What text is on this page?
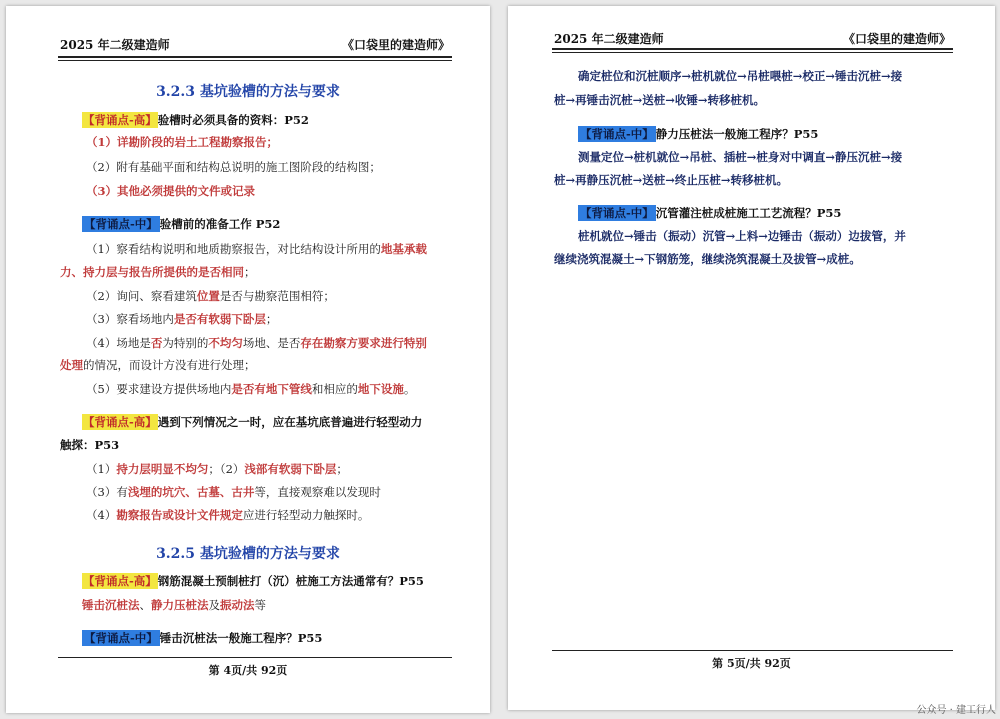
2025 年二级建造师	《口袋里的建造师》
3.2.3 基坑验槽的方法与要求
【背诵点-高】验槽时必须具备的资料：P52
（1）详勘阶段的岩土工程勘察报告；
（2）附有基础平面和结构总说明的施工图阶段的结构图；
（3）其他必须提供的文件或记录
【背诵点-中】 验槽前的准备工作 P52
（1）察看结构说明和地质勘察报告，对比结构设计所用的地基承载
力、持力层与报告所提供的是否相同；
（2）询问、察看建筑位置是否与勘察范围相符；
（3）察看场地内是否有软弱下卧层；
（4）场地是否为特别的不均匀场地、是否存在勘察方要求进行特别
处理的情况，而设计方没有进行处理；
（5）要求建设方提供场地内是否有地下管线和相应的地下设施。
【背诵点-高】遇到下列情况之一时，应在基坑底普遍进行轻型动力
触探：P53
（1）持力层明显不均匀；（2）浅部有软弱下卧层；
（3）有浅埋的坑穴、古墓、古井等，直接观察难以发现时
（4）勘察报告或设计文件规定应进行轻型动力触探时。
3.2.5 基坑验槽的方法与要求
【背诵点-高】钢筋混凝土预制桩打（沉）桩施工方法通常有？P55
锤击沉桩法、静力压桩法及振动法等
【背诵点-中】 锤击沉桩法一般施工程序？P55
第 4页/共 92页
2025 年二级建造师	《口袋里的建造师》
确定桩位和沉桩顺序→桩机就位→吊桩喂桩→校正→锤击沉桩→接
桩→再锤击沉桩→送桩→收锤→转移桩机。
【背诵点-中】 静力压桩法一般施工程序？P55
测量定位→桩机就位→吊桩、插桩→桩身对中调直→静压沉桩→接
桩→再静压沉桩→送桩→终止压桩→转移桩机。
【背诵点-中】 沉管灌注桩成桩施工工艺流程？P55
桩机就位→锤击（振动）沉管→上料→边锤击（振动）边拔管，并
继续浇筑混凝土→下钢筋笼，继续浇筑混凝土及拔管→成桩。
第 5页/共 92页
公众号 · 建工行人
